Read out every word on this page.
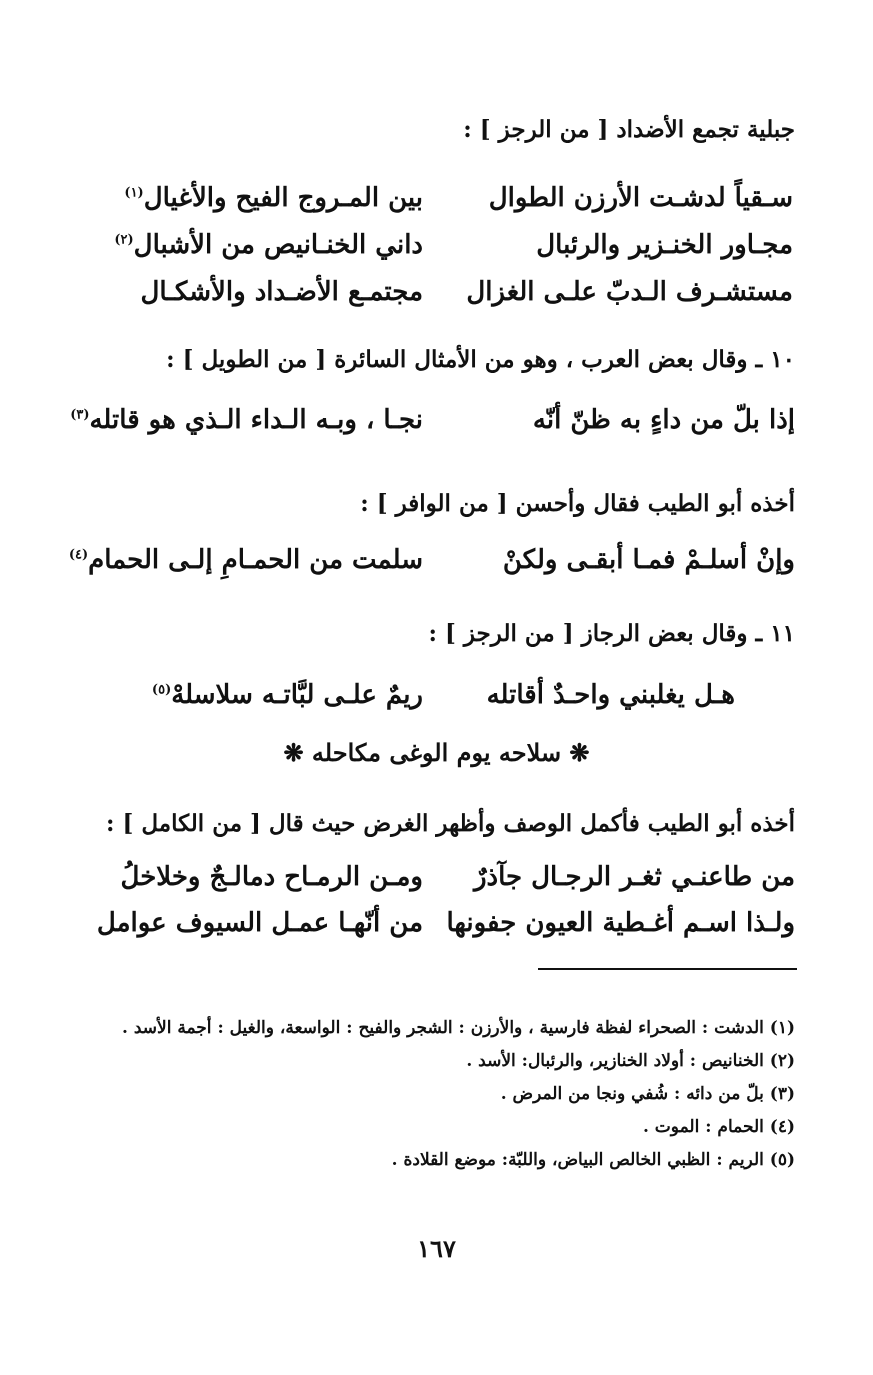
جبلية تجمع الأضداد [ من الرجز ] :
سـقياً لدشـت الأرزن الطوال
بين المـروج الفيح والأغيال$^{(١)}$
مجـاور الخنـزير والرئبال
داني الخنـانيص من الأشبال$^{(٢)}$
مستشـرف الـدبّ علـى الغزال
مجتمـع الأضـداد والأشكـال
١٠ ـ وقال بعض العرب ، وهو من الأمثال السائرة [ من الطويل ] :
إذا بلّ من داءٍ به ظنّ أنّه
نجـا ، وبـه الـداء الـذي هو قاتله$^{(٣)}$
أخذه أبو الطيب فقال وأحسن [ من الوافر ] :
وإنْ أسلـمْ فمـا أبقـى ولكنْ
سلمت من الحمـامِ إلـى الحمام$^{(٤)}$
١١ ـ وقال بعض الرجاز [ من الرجز ] :
هـل يغلبني واحـدٌ أقاتله
ريمٌ علـى لبَّاتـه سلاسلهْ$^{(٥)}$
❋ سلاحه يوم الوغى مكاحله ❋
أخذه أبو الطيب فأكمل الوصف وأظهر الغرض حيث قال [ من الكامل ] :
من طاعنـي ثغـر الرجـال جآذرٌ
ومـن الرمـاح دمالـجٌ وخلاخلُ
ولـذا اسـم أغـطية العيون جفونها
من أنّهـا عمـل السيوف عوامل
(١) الدشت : الصحراء لفظة فارسية ، والأرزن : الشجر والفيح : الواسعة، والغيل : أجمة الأسد .
(٢) الخنانيص : أولاد الخنازير، والرئبال: الأسد .
(٣) بلّ من دائه : شُفي ونجا من المرض .
(٤) الحمام : الموت .
(٥) الريم : الظبي الخالص البياض، واللبّة: موضع القلادة .
١٦٧
